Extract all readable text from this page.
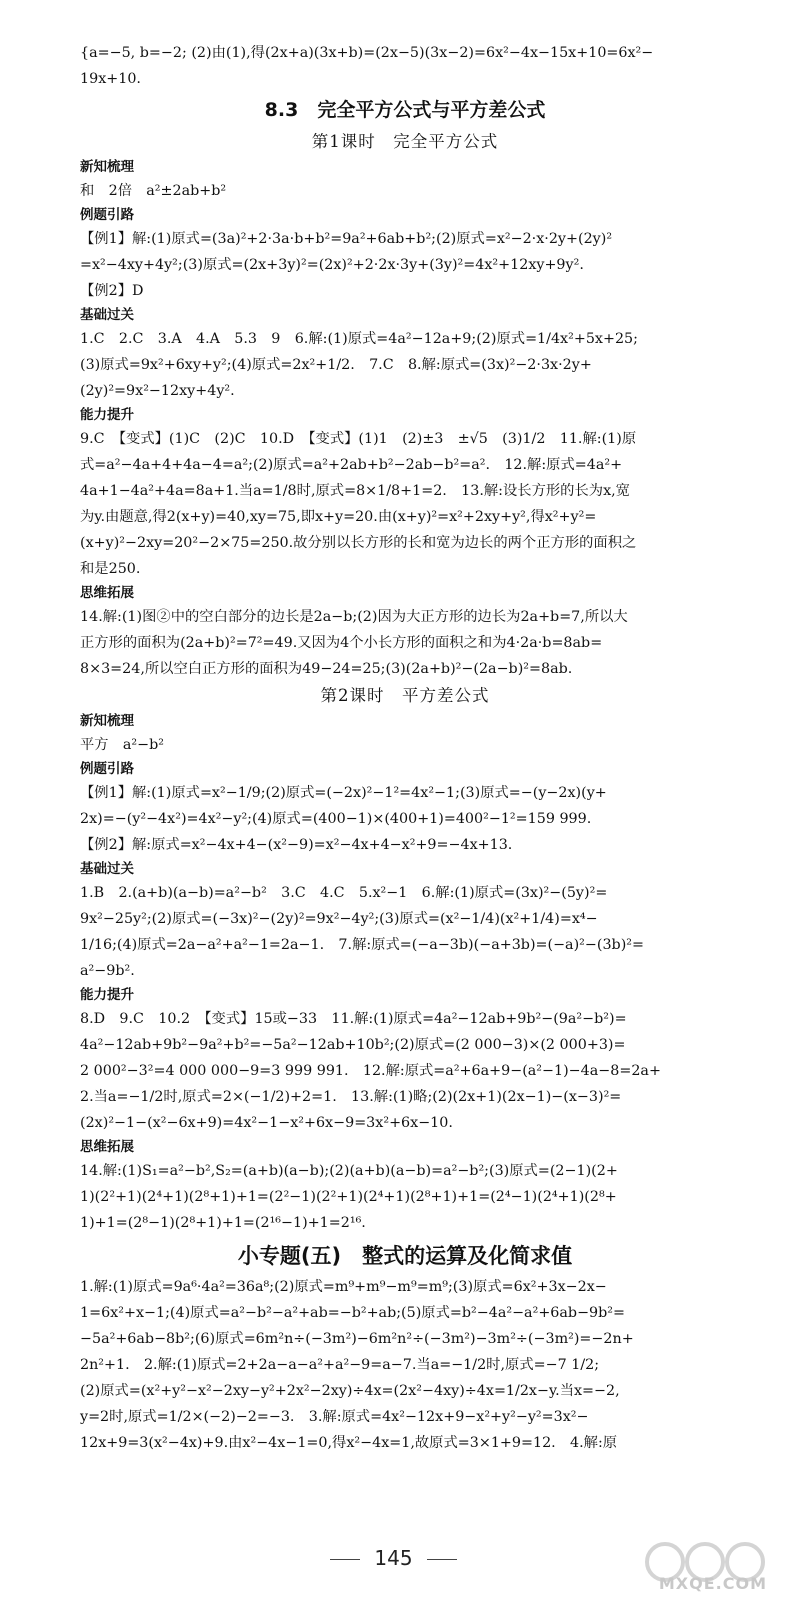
{a=−5, b=−2; (2)由(1),得(2x+a)(3x+b)=(2x−5)(3x−2)=6x²−4x−15x+10=6x²−
19x+10.
8.3　完全平方公式与平方差公式
第1课时　完全平方公式
新知梳理
和　2倍　a²±2ab+b²
例题引路
【例1】解:(1)原式=(3a)²+2·3a·b+b²=9a²+6ab+b²;(2)原式=x²−2·x·2y+(2y)²
=x²−4xy+4y²;(3)原式=(2x+3y)²=(2x)²+2·2x·3y+(3y)²=4x²+12xy+9y².
【例2】D
基础过关
1.C　2.C　3.A　4.A　5.3　9　6.解:(1)原式=4a²−12a+9;(2)原式=1/4x²+5x+25;
(3)原式=9x²+6xy+y²;(4)原式=2x²+1/2.　7.C　8.解:原式=(3x)²−2·3x·2y+
(2y)²=9x²−12xy+4y².
能力提升
9.C　【变式】(1)C　(2)C　10.D　【变式】(1)1　(2)±3　±√5　(3)1/2　11.解:(1)原
式=a²−4a+4+4a−4=a²;(2)原式=a²+2ab+b²−2ab−b²=a².　12.解:原式=4a²+
4a+1−4a²+4a=8a+1.当a=1/8时,原式=8×1/8+1=2.　13.解:设长方形的长为x,宽
为y.由题意,得2(x+y)=40,xy=75,即x+y=20.由(x+y)²=x²+2xy+y²,得x²+y²=
(x+y)²−2xy=20²−2×75=250.故分别以长方形的长和宽为边长的两个正方形的面积之
和是250.
思维拓展
14.解:(1)图②中的空白部分的边长是2a−b;(2)因为大正方形的边长为2a+b=7,所以大
正方形的面积为(2a+b)²=7²=49.又因为4个小长方形的面积之和为4·2a·b=8ab=
8×3=24,所以空白正方形的面积为49−24=25;(3)(2a+b)²−(2a−b)²=8ab.
第2课时　平方差公式
新知梳理
平方　a²−b²
例题引路
【例1】解:(1)原式=x²−1/9;(2)原式=(−2x)²−1²=4x²−1;(3)原式=−(y−2x)(y+
2x)=−(y²−4x²)=4x²−y²;(4)原式=(400−1)×(400+1)=400²−1²=159 999.
【例2】解:原式=x²−4x+4−(x²−9)=x²−4x+4−x²+9=−4x+13.
基础过关
1.B　2.(a+b)(a−b)=a²−b²　3.C　4.C　5.x²−1　6.解:(1)原式=(3x)²−(5y)²=
9x²−25y²;(2)原式=(−3x)²−(2y)²=9x²−4y²;(3)原式=(x²−1/4)(x²+1/4)=x⁴−
1/16;(4)原式=2a−a²+a²−1=2a−1.　7.解:原式=(−a−3b)(−a+3b)=(−a)²−(3b)²=
a²−9b².
能力提升
8.D　9.C　10.2　【变式】15或−33　11.解:(1)原式=4a²−12ab+9b²−(9a²−b²)=
4a²−12ab+9b²−9a²+b²=−5a²−12ab+10b²;(2)原式=(2 000−3)×(2 000+3)=
2 000²−3²=4 000 000−9=3 999 991.　12.解:原式=a²+6a+9−(a²−1)−4a−8=2a+
2.当a=−1/2时,原式=2×(−1/2)+2=1.　13.解:(1)略;(2)(2x+1)(2x−1)−(x−3)²=
(2x)²−1−(x²−6x+9)=4x²−1−x²+6x−9=3x²+6x−10.
思维拓展
14.解:(1)S₁=a²−b²,S₂=(a+b)(a−b);(2)(a+b)(a−b)=a²−b²;(3)原式=(2−1)(2+
1)(2²+1)(2⁴+1)(2⁸+1)+1=(2²−1)(2²+1)(2⁴+1)(2⁸+1)+1=(2⁴−1)(2⁴+1)(2⁸+
1)+1=(2⁸−1)(2⁸+1)+1=(2¹⁶−1)+1=2¹⁶.
小专题(五)　整式的运算及化简求值
1.解:(1)原式=9a⁶·4a²=36a⁸;(2)原式=m⁹+m⁹−m⁹=m⁹;(3)原式=6x²+3x−2x−
1=6x²+x−1;(4)原式=a²−b²−a²+ab=−b²+ab;(5)原式=b²−4a²−a²+6ab−9b²=
−5a²+6ab−8b²;(6)原式=6m²n÷(−3m²)−6m²n²÷(−3m²)−3m²÷(−3m²)=−2n+
2n²+1.　2.解:(1)原式=2+2a−a−a²+a²−9=a−7.当a=−1/2时,原式=−7 1/2;
(2)原式=(x²+y²−x²−2xy−y²+2x²−2xy)÷4x=(2x²−4xy)÷4x=1/2x−y.当x=−2,
y=2时,原式=1/2×(−2)−2=−3.　3.解:原式=4x²−12x+9−x²+y²−y²=3x²−
12x+9=3(x²−4x)+9.由x²−4x−1=0,得x²−4x=1,故原式=3×1+9=12.　4.解:原
145
MXQE.COM
